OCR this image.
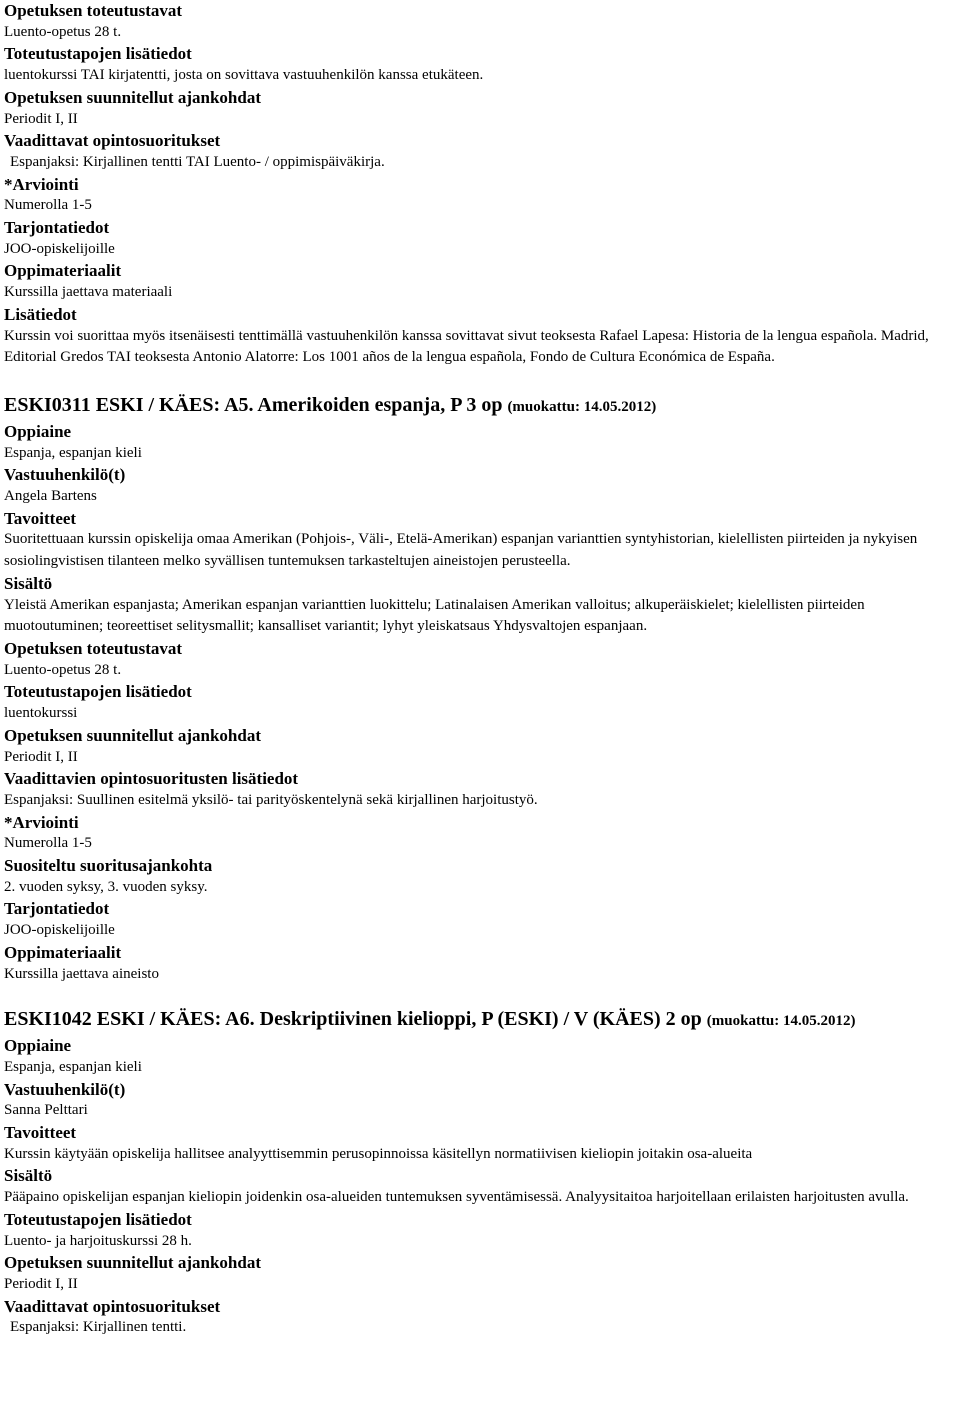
Opetuksen toteutustavat
Luento-opetus 28 t.
Toteutustapojen lisätiedot
luentokurssi TAI kirjatentti, josta on sovittava vastuuhenkilön kanssa etukäteen.
Opetuksen suunnitellut ajankohdat
Periodit I, II
Vaadittavat opintosuoritukset
Espanjaksi: Kirjallinen tentti TAI Luento- / oppimispäiväkirja.
*Arviointi
Numerolla 1-5
Tarjontatiedot
JOO-opiskelijoille
Oppimateriaalit
Kurssilla jaettava materiaali
Lisätiedot
Kurssin voi suorittaa myös itsenäisesti tenttimällä vastuuhenkilön kanssa sovittavat sivut teoksesta Rafael Lapesa: Historia de la lengua española. Madrid, Editorial Gredos TAI teoksesta Antonio Alatorre: Los 1001 años de la lengua española, Fondo de Cultura Económica de España.
ESKI0311 ESKI / KÄES: A5. Amerikoiden espanja, P 3 op (muokattu: 14.05.2012)
Oppiaine
Espanja, espanjan kieli
Vastuuhenkilö(t)
Angela Bartens
Tavoitteet
Suoritettuaan kurssin opiskelija omaa Amerikan (Pohjois-, Väli-, Etelä-Amerikan) espanjan varianttien syntyhistorian, kielellisten piirteiden ja nykyisen sosiolingvistisen tilanteen melko syvällisen tuntemuksen tarkasteltujen aineistojen perusteella.
Sisältö
Yleistä Amerikan espanjasta; Amerikan espanjan varianttien luokittelu; Latinalaisen Amerikan valloitus; alkuperäiskielet; kielellisten piirteiden muotoutuminen; teoreettiset selitysmallit; kansalliset variantit; lyhyt yleiskatsaus Yhdysvaltojen espanjaan.
Opetuksen toteutustavat
Luento-opetus 28 t.
Toteutustapojen lisätiedot
luentokurssi
Opetuksen suunnitellut ajankohdat
Periodit I, II
Vaadittavien opintosuoritusten lisätiedot
Espanjaksi: Suullinen esitelmä yksilö- tai parityöskentelynä sekä kirjallinen harjoitustyö.
*Arviointi
Numerolla 1-5
Suositeltu suoritusajankohta
2. vuoden syksy, 3. vuoden syksy.
Tarjontatiedot
JOO-opiskelijoille
Oppimateriaalit
Kurssilla jaettava aineisto
ESKI1042 ESKI / KÄES: A6. Deskriptiivinen kielioppi, P (ESKI) / V (KÄES) 2 op (muokattu: 14.05.2012)
Oppiaine
Espanja, espanjan kieli
Vastuuhenkilö(t)
Sanna Pelttari
Tavoitteet
Kurssin käytyään opiskelija hallitsee analyyttisemmin perusopinnoissa käsitellyn normatiivisen kieliopin joitakin osa-alueita
Sisältö
Pääpaino opiskelijan espanjan kieliopin joidenkin osa-alueiden tuntemuksen syventämisessä. Analyysitaitoa harjoitellaan erilaisten harjoitusten avulla.
Toteutustapojen lisätiedot
Luento- ja harjoituskurssi 28 h.
Opetuksen suunnitellut ajankohdat
Periodit I, II
Vaadittavat opintosuoritukset
Espanjaksi: Kirjallinen tentti.
